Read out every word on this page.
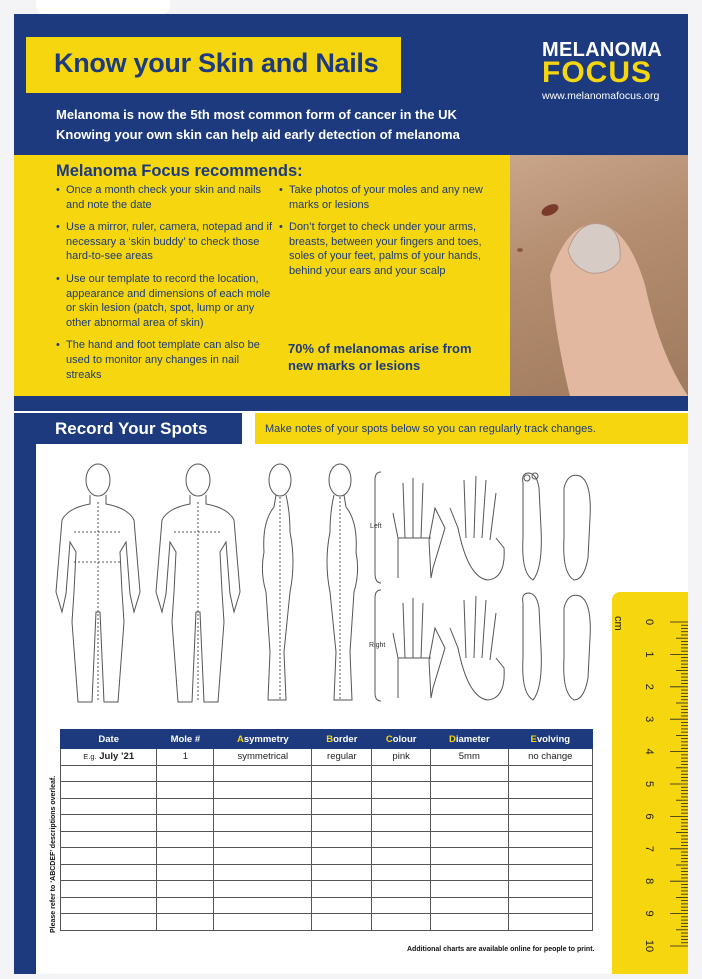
Know your Skin and Nails	MELANOMA
FOCUS
www.melanomafocus.org
Melanoma is now the 5th most common form of cancer in the UK
Knowing your own skin can help aid early detection of melanoma
Melanoma Focus recommends:
• Once a month check your skin and nails and note the date
• Use a mirror, ruler, camera, notepad and if necessary a ‘skin buddy’ to check those hard-to-see areas
• Use our template to record the location, appearance and dimensions of each mole or skin lesion (patch, spot, lump or any other abnormal area of skin)
• The hand and foot template can also be used to monitor any changes in nail streaks
• Take photos of your moles and any new marks or lesions
• Don’t forget to check under your arms, breasts, between your fingers and toes, soles of your feet, palms of your hands, behind your ears and your scalp
70% of melanomas arise from new marks or lesions
Record Your Spots	Make notes of your spots below so you can regularly track changes.
Left
Right
cm 0
1
2
3
4
5
6
7
8
9
10
Date	Mole #	Asymmetry	Border	Colour	Diameter	Evolving
E.g. July ’21	1	symmetrical	regular	pink	5mm	no change

Please refer to ‘ABCDEF’ descriptions overleaf.
Additional charts are available online for people to print.
